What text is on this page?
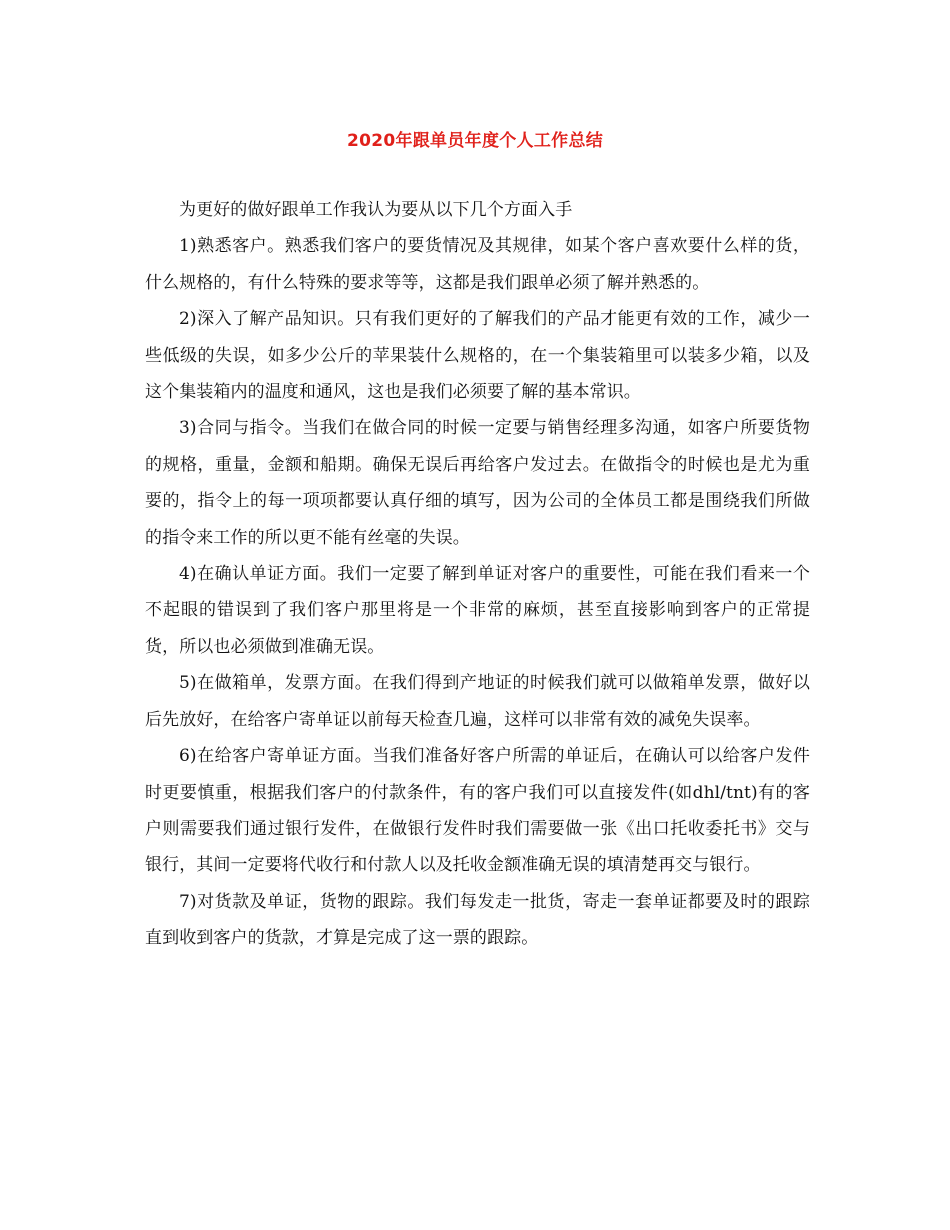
2020年跟单员年度个人工作总结

为更好的做好跟单工作我认为要从以下几个方面入手

1)熟悉客户。熟悉我们客户的要货情况及其规律，如某个客户喜欢要什么样的货，什么规格的，有什么特殊的要求等等，这都是我们跟单必须了解并熟悉的。

2)深入了解产品知识。只有我们更好的了解我们的产品才能更有效的工作，减少一些低级的失误，如多少公斤的苹果装什么规格的，在一个集装箱里可以装多少箱，以及这个集装箱内的温度和通风，这也是我们必须要了解的基本常识。

3)合同与指令。当我们在做合同的时候一定要与销售经理多沟通，如客户所要货物的规格，重量，金额和船期。确保无误后再给客户发过去。在做指令的时候也是尤为重要的，指令上的每一项项都要认真仔细的填写，因为公司的全体员工都是围绕我们所做的指令来工作的所以更不能有丝毫的失误。

4)在确认单证方面。我们一定要了解到单证对客户的重要性，可能在我们看来一个不起眼的错误到了我们客户那里将是一个非常的麻烦，甚至直接影响到客户的正常提货，所以也必须做到准确无误。

5)在做箱单，发票方面。在我们得到产地证的时候我们就可以做箱单发票，做好以后先放好，在给客户寄单证以前每天检查几遍，这样可以非常有效的减免失误率。

6)在给客户寄单证方面。当我们准备好客户所需的单证后，在确认可以给客户发件时更要慎重，根据我们客户的付款条件，有的客户我们可以直接发件(如dhl/tnt)有的客户则需要我们通过银行发件，在做银行发件时我们需要做一张《出口托收委托书》交与银行，其间一定要将代收行和付款人以及托收金额准确无误的填清楚再交与银行。

7)对货款及单证，货物的跟踪。我们每发走一批货，寄走一套单证都要及时的跟踪直到收到客户的货款，才算是完成了这一票的跟踪。
